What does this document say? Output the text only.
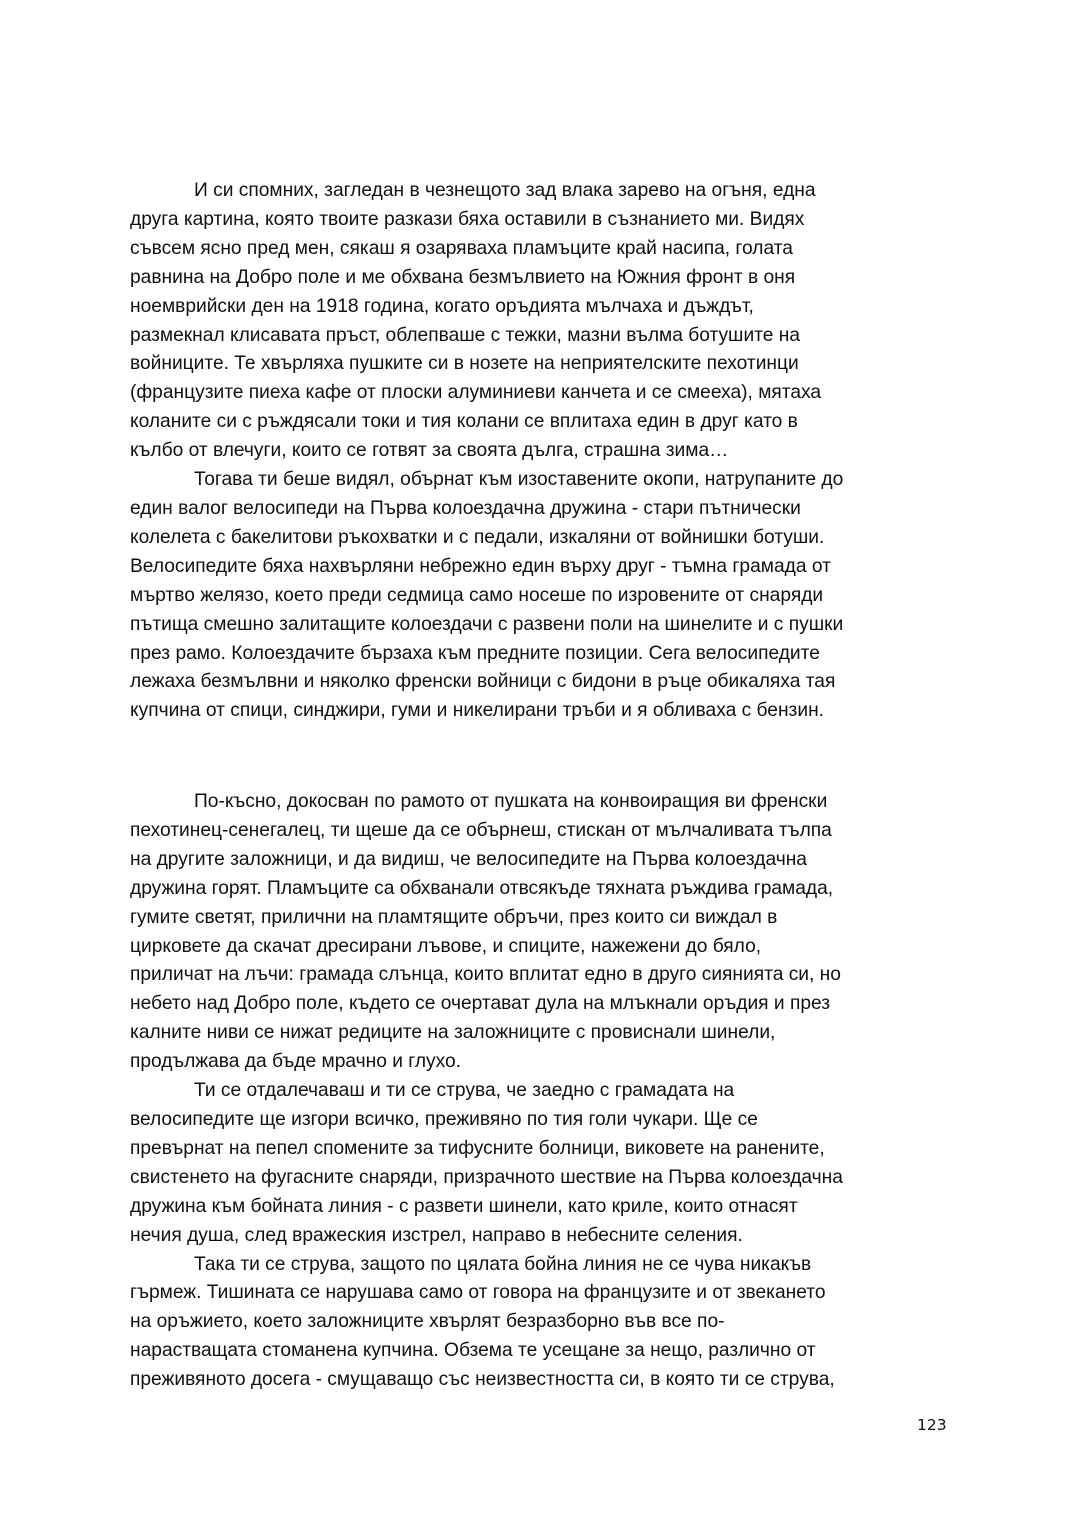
И си спомних, загледан в чезнещото зад влака зарево на огъня, една
друга картина, която твоите разкази бяха оставили в съзнанието ми. Видях
съвсем ясно пред мен, сякаш я озаряваха пламъците край насипа, голата
равнина на Добро поле и ме обхвана безмълвието на Южния фронт в оня
ноемврийски ден на 1918 година, когато оръдията мълчаха и дъждът,
размекнал клисавата пръст, облепваше с тежки, мазни вълма ботушите на
войниците. Те хвърляха пушките си в нозете на неприятелските пехотинци
(французите пиеха кафе от плоски алуминиеви канчета и се смееха), мятаха
коланите си с ръждясали токи и тия колани се вплитаха един в друг като в
кълбо от влечуги, които се готвят за своята дълга, страшна зима…

Тогава ти беше видял, обърнат към изоставените окопи, натрупаните до
един валог велосипеди на Първа колоездачна дружина - стари пътнически
колелета с бакелитови ръкохватки и с педали, изкаляни от войнишки ботуши.
Велосипедите бяха нахвърляни небрежно един върху друг - тъмна грамада от
мъртво желязо, което преди седмица само носеше по изровените от снаряди
пътища смешно залитащите колоездачи с развени поли на шинелите и с пушки
през рамо. Колоездачите бързаха към предните позиции. Сега велосипедите
лежаха безмълвни и няколко френски войници с бидони в ръце обикаляха тая
купчина от спици, синджири, гуми и никелирани тръби и я обливаха с бензин.

По-късно, докосван по рамото от пушката на конвоиращия ви френски
пехотинец-сенегалец, ти щеше да се обърнеш, стискан от мълчаливата тълпа
на другите заложници, и да видиш, че велосипедите на Първа колоездачна
дружина горят. Пламъците са обхванали отвсякъде тяхната ръждива грамада,
гумите светят, прилични на пламтящите обръчи, през които си виждал в
цирковете да скачат дресирани лъвове, и спиците, нажежени до бяло,
приличат на лъчи: грамада слънца, които вплитат едно в друго сиянията си, но
небето над Добро поле, където се очертават дула на млъкнали оръдия и през
калните ниви се нижат редиците на заложниците с провиснали шинели,
продължава да бъде мрачно и глухо.

Ти се отдалечаваш и ти се струва, че заедно с грамадата на
велосипедите ще изгори всичко, преживяно по тия голи чукари. Ще се
превърнат на пепел спомените за тифусните болници, виковете на ранените,
свистенето на фугасните снаряди, призрачното шествие на Първа колоездачна
дружина към бойната линия - с развети шинели, като криле, които отнасят
нечия душа, след вражеския изстрел, направо в небесните селения.

Така ти се струва, защото по цялата бойна линия не се чува никакъв
гърмеж. Тишината се нарушава само от говора на французите и от звекането
на оръжието, което заложниците хвърлят безразборно във все по-
нарастващата стоманена купчина. Обзема те усещане за нещо, различно от
преживяното досега - смущаващо със неизвестността си, в която ти се струва,

123
